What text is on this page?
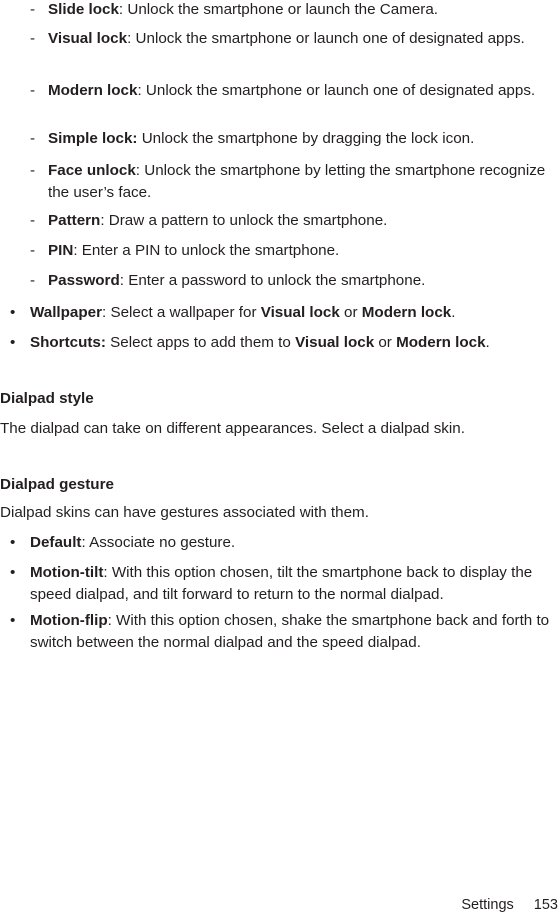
- Slide lock: Unlock the smartphone or launch the Camera.
- Visual lock: Unlock the smartphone or launch one of designated apps.
- Modern lock: Unlock the smartphone or launch one of designated apps.
- Simple lock: Unlock the smartphone by dragging the lock icon.
- Face unlock: Unlock the smartphone by letting the smartphone recognize the user’s face.
- Pattern: Draw a pattern to unlock the smartphone.
- PIN: Enter a PIN to unlock the smartphone.
- Password: Enter a password to unlock the smartphone.
• Wallpaper: Select a wallpaper for Visual lock or Modern lock.
• Shortcuts: Select apps to add them to Visual lock or Modern lock.
Dialpad style
The dialpad can take on different appearances. Select a dialpad skin.
Dialpad gesture
Dialpad skins can have gestures associated with them.
• Default: Associate no gesture.
• Motion-tilt: With this option chosen, tilt the smartphone back to display the speed dialpad, and tilt forward to return to the normal dialpad.
• Motion-flip: With this option chosen, shake the smartphone back and forth to switch between the normal dialpad and the speed dialpad.
Settings 153
